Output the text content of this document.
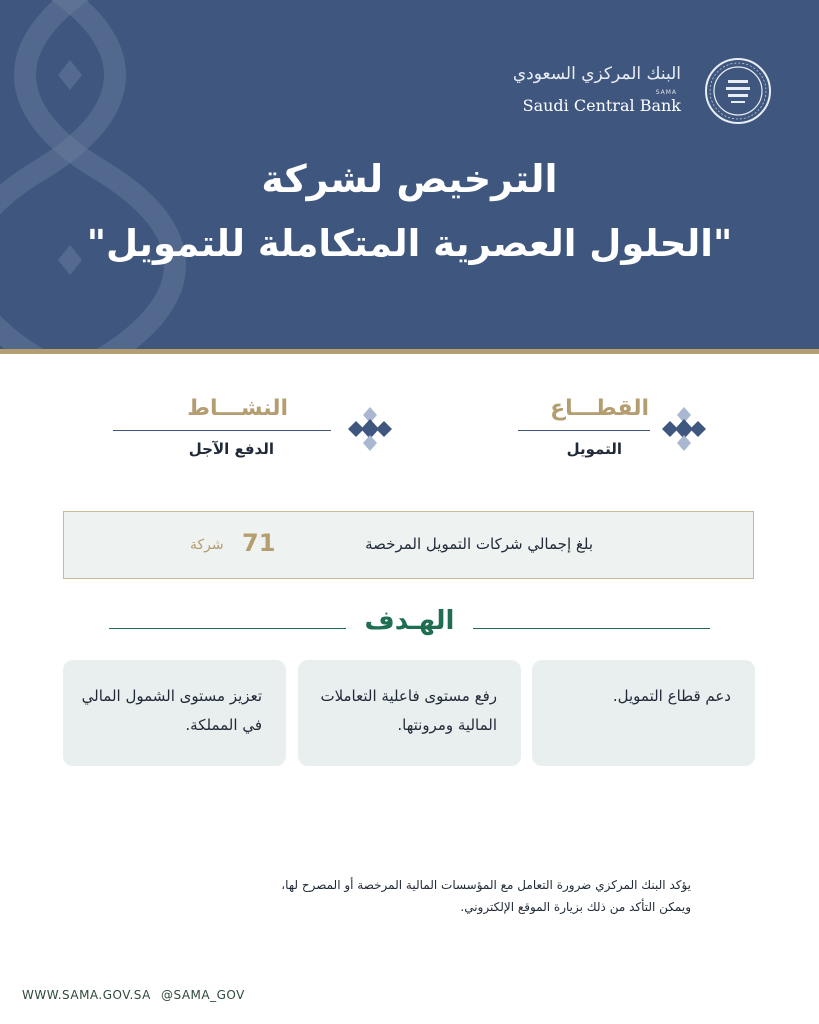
البنك المركزي السعودي
SAMA
Saudi Central Bank
الترخيص لشركة
"الحلول العصرية المتكاملة للتمويل"
القطـــاع
التمويل
النشـــاط
الدفع الآجل
بلغ إجمالي شركات التمويل المرخصة
71
شركة
الهـدف
دعم قطاع التمويل.
رفع مستوى فاعلية التعاملات المالية ومرونتها.
تعزيز مستوى الشمول المالي في المملكة.
يؤكد البنك المركزي ضرورة التعامل مع المؤسسات المالية المرخصة أو المصرح لها،
ويمكن التأكد من ذلك بزيارة الموقع الإلكتروني.
WWW.SAMA.GOV.SA @SAMA_GOV
